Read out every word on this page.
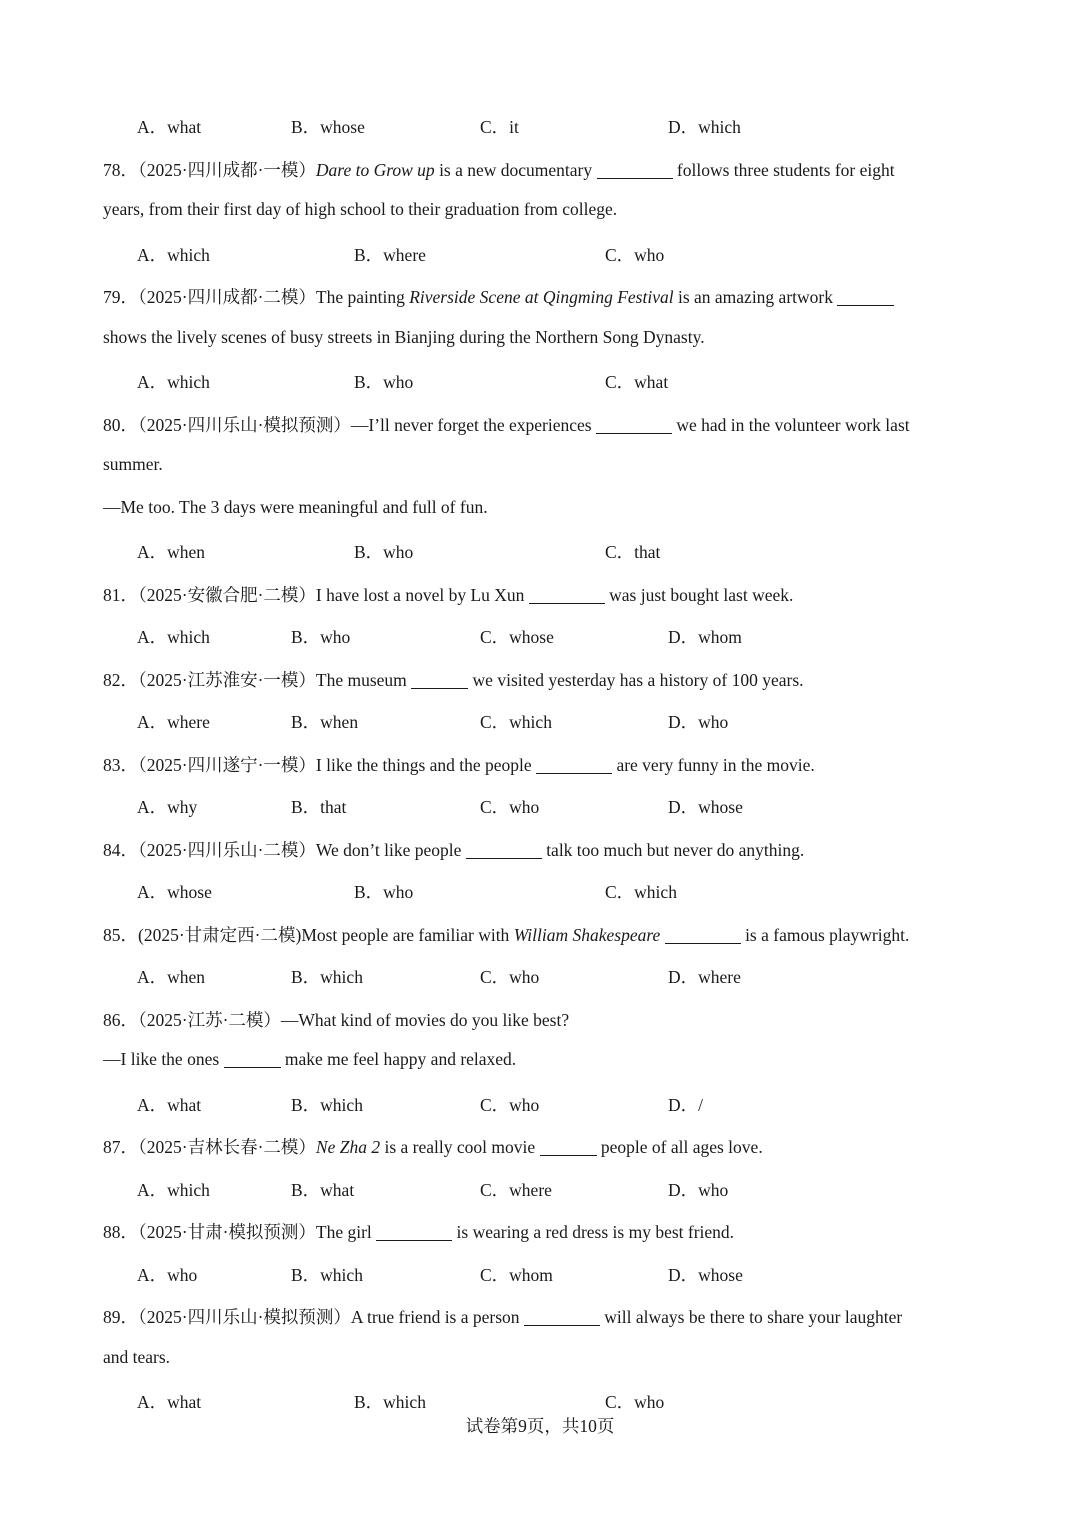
A．what	B．whose	C．it	D．which
78．（2025·四川成都·一模）Dare to Grow up is a new documentary	follows three students for eight
years, from their first day of high school to their graduation from college.
A．which	B．where	C．who
79．（2025·四川成都·二模）The painting Riverside Scene at Qingming Festival is an amazing artwork
shows the lively scenes of busy streets in Bianjing during the Northern Song Dynasty.
A．which	B．who	C．what
80．（2025·四川乐山·模拟预测）—I’ll never forget the experiences	we had in the volunteer work last
summer.
—Me too. The 3 days were meaningful and full of fun.
A．when	B．who	C．that
81．（2025·安徽合肥·二模）I have lost a novel by Lu Xun	was just bought last week.
A．which	B．who	C．whose	D．whom
82．（2025·江苏淮安·一模）The museum	we visited yesterday has a history of 100 years.
A．where	B．when	C．which	D．who
83．（2025·四川遂宁·一模）I like the things and the people	are very funny in the movie.
A．why	B．that	C．who	D．whose
84．（2025·四川乐山·二模）We don’t like people	talk too much but never do anything.
A．whose	B．who	C．which
85．(2025·甘肃定西·二模)Most people are familiar with William Shakespeare	is a famous playwright.
A．when	B．which	C．who	D．where
86．（2025·江苏·二模）—What kind of movies do you like best?
—I like the ones	make me feel happy and relaxed.
A．what	B．which	C．who	D．/
87．（2025·吉林长春·二模）Ne Zha 2 is a really cool movie	people of all ages love.
A．which	B．what	C．where	D．who
88．（2025·甘肃·模拟预测）The girl	is wearing a red dress is my best friend.
A．who	B．which	C．whom	D．whose
89．（2025·四川乐山·模拟预测）A true friend is a person	will always be there to share your laughter
and tears.
A．what	B．which	C．who
试卷第9页，共10页
